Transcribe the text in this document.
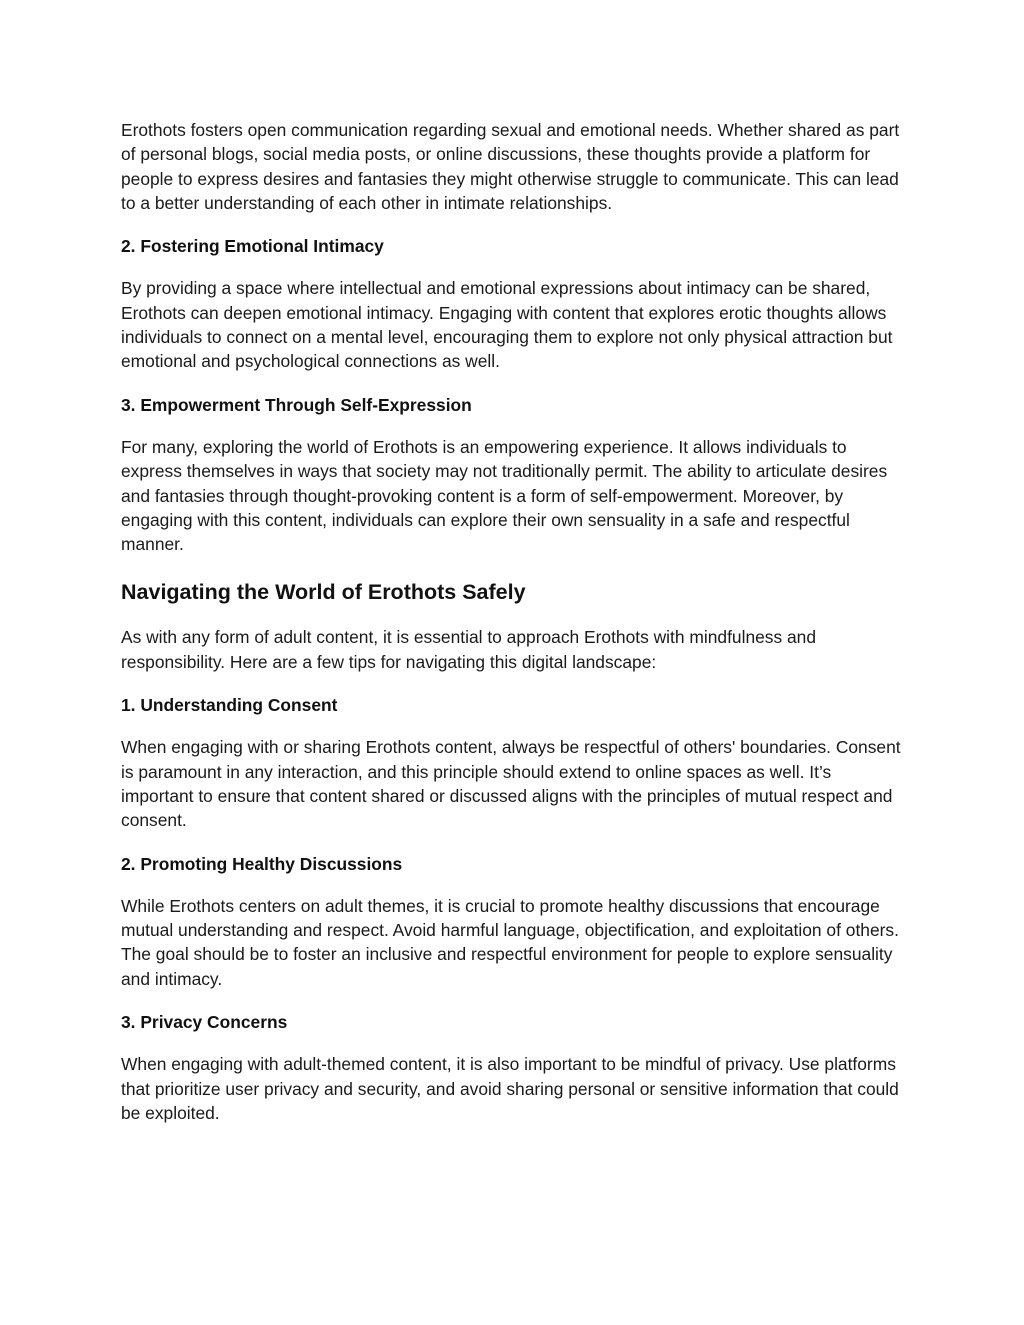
Erothots fosters open communication regarding sexual and emotional needs. Whether shared as part of personal blogs, social media posts, or online discussions, these thoughts provide a platform for people to express desires and fantasies they might otherwise struggle to communicate. This can lead to a better understanding of each other in intimate relationships.

2. Fostering Emotional Intimacy

By providing a space where intellectual and emotional expressions about intimacy can be shared, Erothots can deepen emotional intimacy. Engaging with content that explores erotic thoughts allows individuals to connect on a mental level, encouraging them to explore not only physical attraction but emotional and psychological connections as well.

3. Empowerment Through Self-Expression

For many, exploring the world of Erothots is an empowering experience. It allows individuals to express themselves in ways that society may not traditionally permit. The ability to articulate desires and fantasies through thought-provoking content is a form of self-empowerment. Moreover, by engaging with this content, individuals can explore their own sensuality in a safe and respectful manner.

Navigating the World of Erothots Safely

As with any form of adult content, it is essential to approach Erothots with mindfulness and responsibility. Here are a few tips for navigating this digital landscape:

1. Understanding Consent

When engaging with or sharing Erothots content, always be respectful of others' boundaries. Consent is paramount in any interaction, and this principle should extend to online spaces as well. It’s important to ensure that content shared or discussed aligns with the principles of mutual respect and consent.

2. Promoting Healthy Discussions

While Erothots centers on adult themes, it is crucial to promote healthy discussions that encourage mutual understanding and respect. Avoid harmful language, objectification, and exploitation of others. The goal should be to foster an inclusive and respectful environment for people to explore sensuality and intimacy.

3. Privacy Concerns

When engaging with adult-themed content, it is also important to be mindful of privacy. Use platforms that prioritize user privacy and security, and avoid sharing personal or sensitive information that could be exploited.
